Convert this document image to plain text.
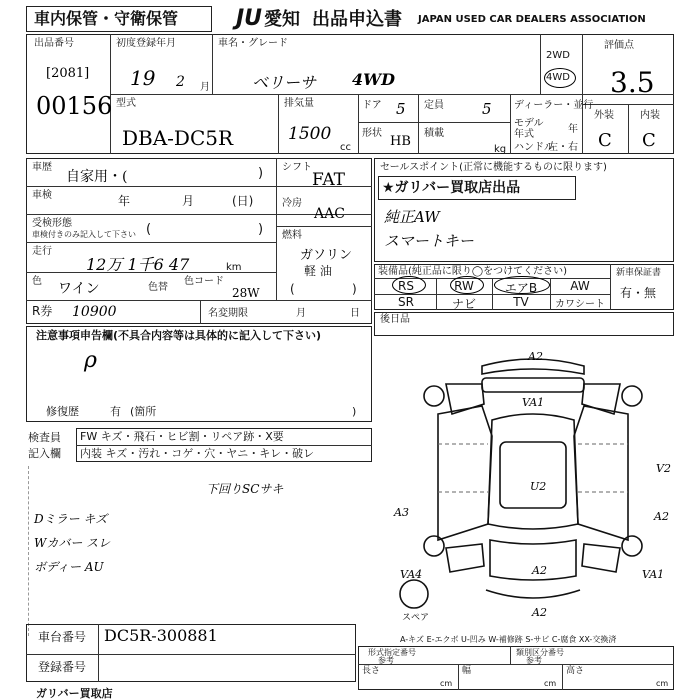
車内保管・守衛保管	JU 愛知 出品申込書 JAPAN USED CAR DEALERS ASSOCIATION
出品番号
[2081]
00156
初度登録年月
19 2 月
車名・グレード
ベリーサ 4WD
2WD
4WD
評価点
3.5
型式
DBA-DC5R
排気量
1500
cc
ドア 5 定員	5
形状
HB
積載
kg
ディーラー・並行
モデル 年式	年
ハンドル
左・右
外装	内装
C C
車歴
自家用・(	) シフト
FAT
車検	年	月	(日)	冷房
AAC
受検形態
車検付きのみ記入して下さい (	) 燃料
ガソリン
軽 油
(	)
走行
12万 1千6 47	km
色 ワイン	色替
色コード
28W
R券 10900	名変期限	月	日
セールスポイント(正常に機能するものに限ります)
★ガリバー買取店出品
純正AW
スマートキー
装備品(純正品に限り◯をつけてください)
RS	RW	エアB	AW
SR	ナビ	TV	カワシート
新車保証書
有・無
注意事項申告欄(不具合内容等は具体的に記入して下さい)
ρ
修復歴	有 (箇所	)
後日品
検査員
記入欄
FW キズ・飛石・ヒビ割・リペア跡・X要
内装 キズ・汚れ・コゲ・穴・ヤニ・キレ・破レ
下回りSCサキ
Dミラー キズ
Wカバー スレ
ボディー AU
A2
VA1
U2
A3	A2
V2
A2
VA4	VA1
A2
スペア
A-キズ E-エクボ U-凹み W-補修跡 S-サビ C-腐食 XX-交換済
車台番号 DC5R-300881
登録番号
ガリバー買取店
形式指定番号
参考
類別区分番号
参考
長さ	幅	高さ
cm	cm	cm
